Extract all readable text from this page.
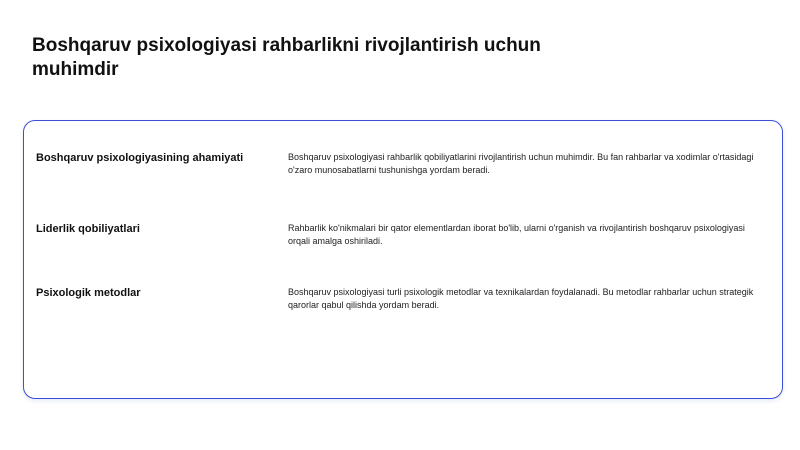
Boshqaruv psixologiyasi rahbarlikni rivojlantirish uchun muhimdir
Boshqaruv psixologiyasining ahamiyati	Boshqaruv psixologiyasi rahbarlik qobiliyatlarini rivojlantirish uchun muhimdir. Bu fan rahbarlar va xodimlar o'rtasidagi o'zaro munosabatlarni tushunishga yordam beradi.
Liderlik qobiliyatlari	Rahbarlik ko'nikmalari bir qator elementlardan iborat bo'lib, ularni o'rganish va rivojlantirish boshqaruv psixologiyasi orqali amalga oshiriladi.
Psixologik metodlar	Boshqaruv psixologiyasi turli psixologik metodlar va texnikalardan foydalanadi. Bu metodlar rahbarlar uchun strategik qarorlar qabul qilishda yordam beradi.
